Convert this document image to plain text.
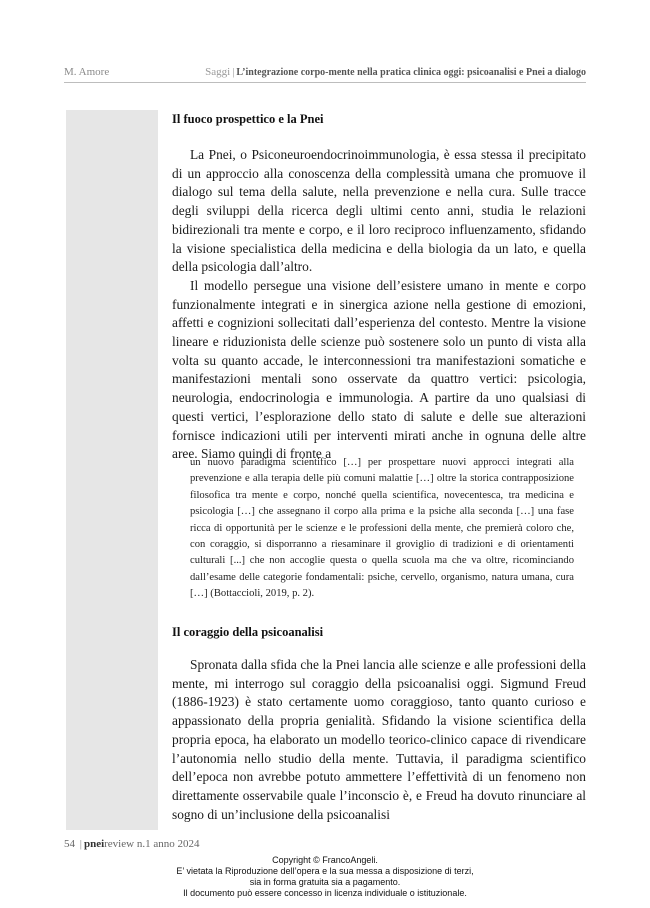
M. Amore	Saggi | L’integrazione corpo-mente nella pratica clinica oggi: psicoanalisi e Pnei a dialogo
Il fuoco prospettico e la Pnei

La Pnei, o Psiconeuroendocrinoimmunologia, è essa stessa il precipitato di un approccio alla conoscenza della complessità umana che promuove il dialogo sul tema della salute, nella prevenzione e nella cura. Sulle tracce degli sviluppi della ricerca degli ultimi cento anni, studia le relazioni bidirezionali tra mente e corpo, e il loro reciproco influenzamento, sfidando la visione specialistica della medicina e della biologia da un lato, e quella della psicologia dall’altro.

Il modello persegue una visione dell’esistere umano in mente e corpo funzionalmente integrati e in sinergica azione nella gestione di emozioni, affetti e cognizioni sollecitati dall’esperienza del contesto. Mentre la visione lineare e riduzionista delle scienze può sostenere solo un punto di vista alla volta su quanto accade, le interconnessioni tra manifestazioni somatiche e manifestazioni mentali sono osservate da quattro vertici: psicologia, neurologia, endocrinologia e immunologia. A partire da uno qualsiasi di questi vertici, l’esplorazione dello stato di salute e delle sue alterazioni fornisce indicazioni utili per interventi mirati anche in ognuna delle altre aree. Siamo quindi di fronte a

un nuovo paradigma scientifico […] per prospettare nuovi approcci integrati alla prevenzione e alla terapia delle più comuni malattie […] oltre la storica contrapposizione filosofica tra mente e corpo, nonché quella scientifica, novecentesca, tra medicina e psicologia […] che assegnano il corpo alla prima e la psiche alla seconda […] una fase ricca di opportunità per le scienze e le professioni della mente, che premierà coloro che, con coraggio, si disporranno a riesaminare il groviglio di tradizioni e di orientamenti culturali [...] che non accoglie questa o quella scuola ma che va oltre, ricominciando dall’esame delle categorie fondamentali: psiche, cervello, organismo, natura umana, cura […] (Bottaccioli, 2019, p. 2).

Il coraggio della psicoanalisi

Spronata dalla sfida che la Pnei lancia alle scienze e alle professioni della mente, mi interrogo sul coraggio della psicoanalisi oggi. Sigmund Freud (1886-1923) è stato certamente uomo coraggioso, tanto quanto curioso e appassionato della propria genialità. Sfidando la visione scientifica della propria epoca, ha elaborato un modello teorico-clinico capace di rivendicare l’autonomia nello studio della mente. Tuttavia, il paradigma scientifico dell’epoca non avrebbe potuto ammettere l’effettività di un fenomeno non direttamente osservabile quale l’inconscio è, e Freud ha dovuto rinunciare al sogno di un’inclusione della psicoanalisi

54 | pneireview n.1 anno 2024
Copyright © FrancoAngeli.
E’ vietata la Riproduzione dell’opera e la sua messa a disposizione di terzi,
sia in forma gratuita sia a pagamento.
Il documento può essere concesso in licenza individuale o istituzionale.
